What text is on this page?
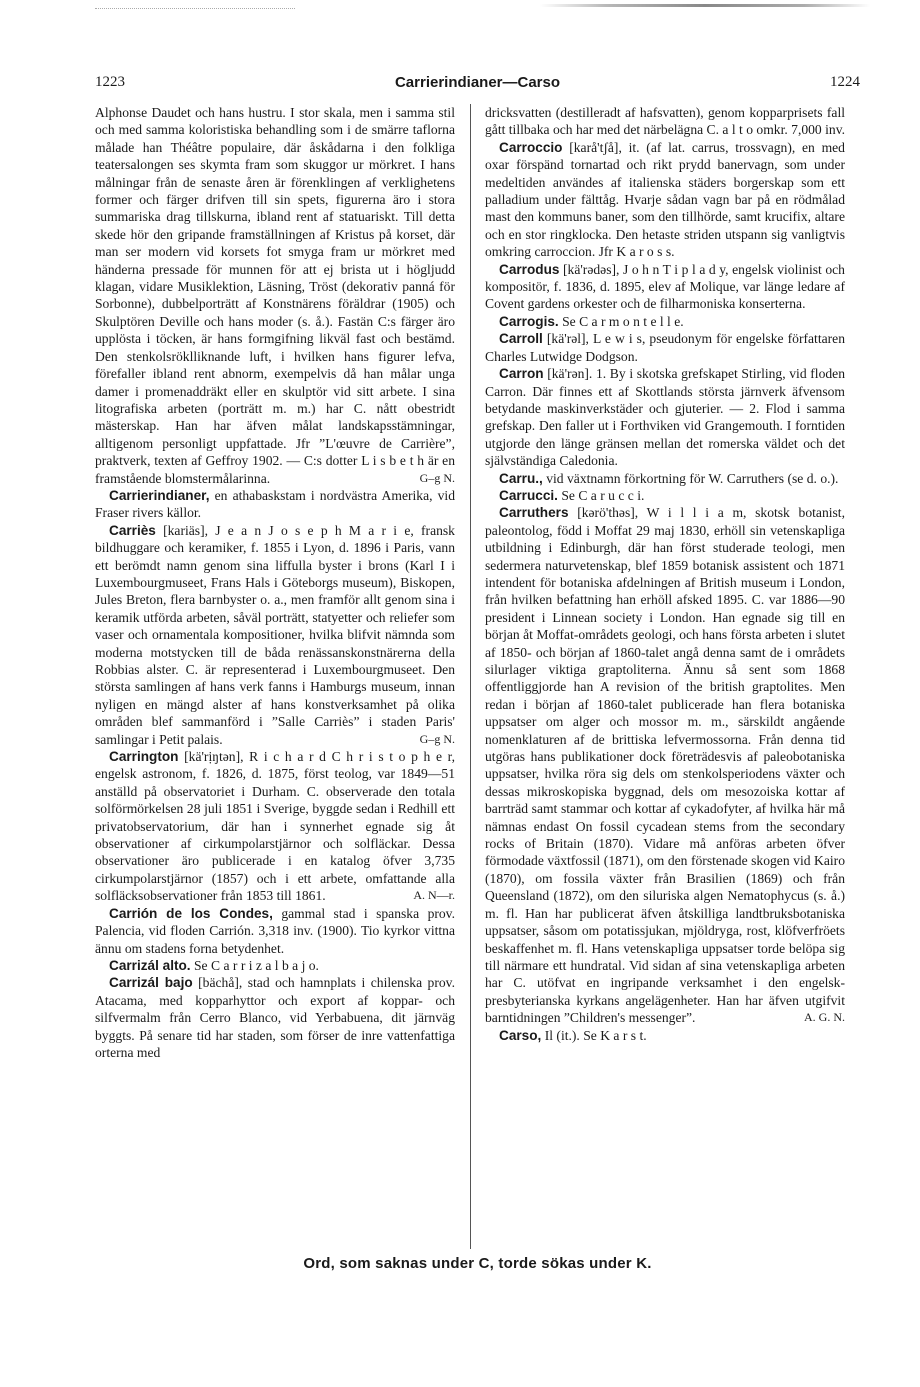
1223	Carrierindianer—Carso	1224

Alphonse Daudet och hans hustru. I stor skala, men i samma stil och med samma koloristiska behandling som i de smärre taflorna målade han Théâtre populaire, där åskådarna i den folkliga teatersalongen ses skymta fram som skuggor ur mörkret. I hans målningar från de senaste åren är förenklingen af verklighetens former och färger drifven till sin spets, figurerna äro i stora summariska drag tillskurna, ibland rent af statuariskt. Till detta skede hör den gripande framställningen af Kristus på korset, där man ser modern vid korsets fot smyga fram ur mörkret med händerna pressade för munnen för att ej brista ut i högljudd klagan, vidare Musiklektion, Läsning, Tröst (dekorativ panná för Sorbonne), dubbelporträtt af Konstnärens föräldrar (1905) och Skulptören Deville och hans moder (s. å.). Fastän C:s färger äro upplösta i töcken, är hans formgifning likväl fast och bestämd. Den stenkolsröklliknande luft, i hvilken hans figurer lefva, förefaller ibland rent abnorm, exempelvis då han målar unga damer i promenaddräkt eller en skulptör vid sitt arbete. I sina litografiska arbeten (porträtt m. m.) har C. nått obestridt mästerskap. Han har äfven målat landskapsstämningar, alltigenom personligt uppfattade. Jfr ”L'œuvre de Carrière”, praktverk, texten af Geffroy 1902. — C:s dotter L i s b e t h är en framstående blomstermålarinna.	G–g N.

Carrierindianer, en athabaskstam i nordvästra Amerika, vid Fraser rivers källor.

Carriès [kariäs], J e a n J o s e p h M a r i e, fransk bildhuggare och keramiker, f. 1855 i Lyon, d. 1896 i Paris, vann ett berömdt namn genom sina liffulla byster i brons (Karl I i Luxembourgmuseet, Frans Hals i Göteborgs museum), Biskopen, Jules Breton, flera barnbyster o. a., men framför allt genom sina i keramik utförda arbeten, såväl porträtt, statyetter och reliefer som vaser och ornamentala kompositioner, hvilka blifvit nämnda som moderna motstycken till de båda renässanskonstnärerna della Robbias alster. C. är representerad i Luxembourgmuseet. Den största samlingen af hans verk fanns i Hamburgs museum, innan nyligen en mängd alster af hans konstverksamhet på olika områden blef sammanförd i ”Salle Carriès” i staden Paris' samlingar i Petit palais.	G–g N.

Carrington [kä'rịŋtən], R i c h a r d C h r i s t o p h e r, engelsk astronom, f. 1826, d. 1875, först teolog, var 1849—51 anställd på observatoriet i Durham. C. observerade den totala solförmörkelsen 28 juli 1851 i Sverige, byggde sedan i Redhill ett privatobservatorium, där han i synnerhet egnade sig åt observationer af cirkumpolarstjärnor och solfläckar. Dessa observationer äro publicerade i en katalog öfver 3,735 cirkumpolarstjärnor (1857) och i ett arbete, omfattande alla solfläcksobservationer från 1853 till 1861.	A. N—r.

Carrión de los Condes, gammal stad i spanska prov. Palencia, vid floden Carrión. 3,318 inv. (1900). Tio kyrkor vittna ännu om stadens forna betydenhet.

Carrizál alto. Se C a r r i z a l b a j o.

Carrizál bajo [bächå], stad och hamnplats i chilenska prov. Atacama, med kopparhyttor och export af koppar- och silfvermalm från Cerro Blanco, vid Yerbabuena, dit järnväg byggts. På senare tid har staden, som förser de inre vattenfattiga orterna med

dricksvatten (destilleradt af hafsvatten), genom kopparprisets fall gått tillbaka och har med det närbelägna C. a l t o omkr. 7,000 inv.

Carroccio [karå'tʃå], it. (af lat. carrus, trossvagn), en med oxar förspänd tornartad och rikt prydd banervagn, som under medeltiden användes af italienska städers borgerskap som ett palladium under fälttåg. Hvarje sådan vagn bar på en rödmålad mast den kommuns baner, som den tillhörde, samt krucifix, altare och en stor ringklocka. Den hetaste striden utspann sig vanligtvis omkring carroccion. Jfr K a r o s s.

Carrodus [kä'rədəs], J o h n T i p l a d y, engelsk violinist och kompositör, f. 1836, d. 1895, elev af Molique, var länge ledare af Covent gardens orkester och de filharmoniska konserterna.

Carrogis. Se C a r m o n t e l l e.

Carroll [kä'rəl], L e w i s, pseudonym för engelske författaren Charles Lutwidge Dodgson.

Carron [kä'rən]. 1. By i skotska grefskapet Stirling, vid floden Carron. Där finnes ett af Skottlands största järnverk äfvensom betydande maskinverkstäder och gjuterier. — 2. Flod i samma grefskap. Den faller ut i Forthviken vid Grangemouth. I forntiden utgjorde den länge gränsen mellan det romerska väldet och det självständiga Caledonia.

Carru., vid växtnamn förkortning för W. Carruthers (se d. o.).

Carrucci. Se C a r u c c i.

Carruthers [kərö'thəs], W i l l i a m, skotsk botanist, paleontolog, född i Moffat 29 maj 1830, erhöll sin vetenskapliga utbildning i Edinburgh, där han först studerade teologi, men sedermera naturvetenskap, blef 1859 botanisk assistent och 1871 intendent för botaniska afdelningen af British museum i London, från hvilken befattning han erhöll afsked 1895. C. var 1886—90 president i Linnean society i London. Han egnade sig till en början åt Moffat-områdets geologi, och hans första arbeten i slutet af 1850- och början af 1860-talet angå denna samt de i områdets silurlager viktiga graptoliterna. Ännu så sent som 1868 offentliggjorde han A revision of the british graptolites. Men redan i början af 1860-talet publicerade han flera botaniska uppsatser om alger och mossor m. m., särskildt angående nomenklaturen af de brittiska lefvermossorna. Från denna tid utgöras hans publikationer dock företrädesvis af paleobotaniska uppsatser, hvilka röra sig dels om stenkolsperiodens växter och dessas mikroskopiska byggnad, dels om mesozoiska kottar af barrträd samt stammar och kottar af cykadofyter, af hvilka här må nämnas endast On fossil cycadean stems from the secondary rocks of Britain (1870). Vidare må anföras arbeten öfver förmodade växtfossil (1871), om den förstenade skogen vid Kairo (1870), om fossila växter från Brasilien (1869) och från Queensland (1872), om den siluriska algen Nematophycus (s. å.) m. fl. Han har publicerat äfven åtskilliga landtbruksbotaniska uppsatser, såsom om potatissjukan, mjöldryga, rost, klöfverfröets beskaffenhet m. fl. Hans vetenskapliga uppsatser torde belöpa sig till närmare ett hundratal. Vid sidan af sina vetenskapliga arbeten har C. utöfvat en ingripande verksamhet i den engelsk-presbyterianska kyrkans angelägenheter. Han har äfven utgifvit barntidningen ”Children's messenger”.	A. G. N.

Carso, Il (it.). Se K a r s t.

Ord, som saknas under C, torde sökas under K.
